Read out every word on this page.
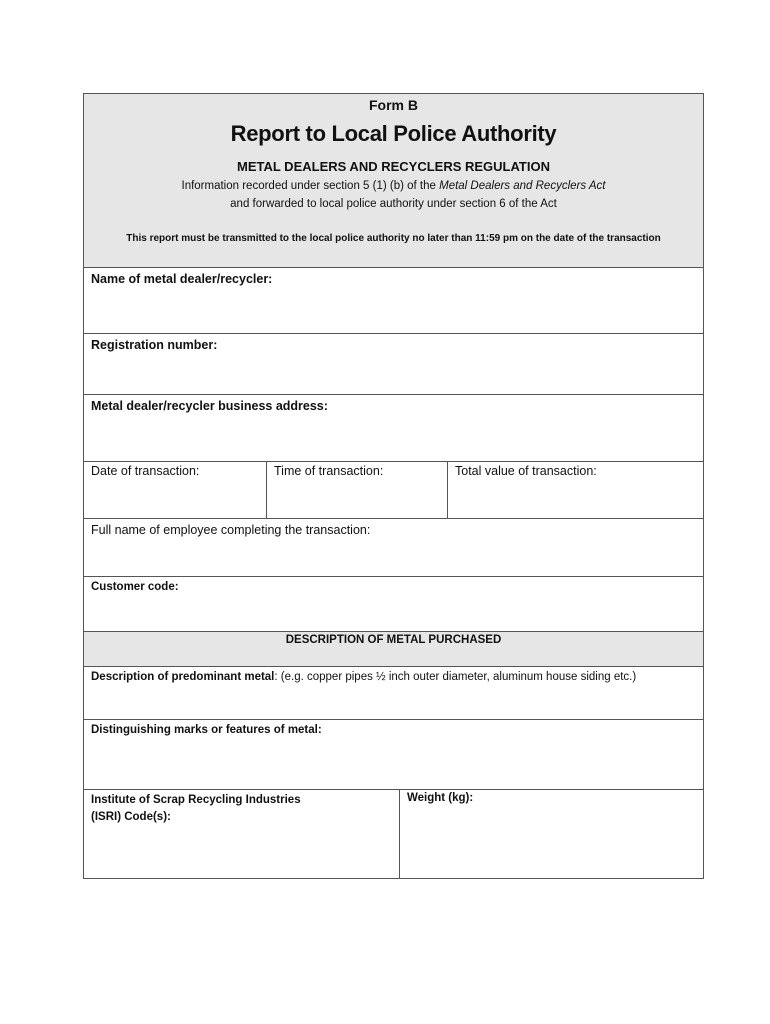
Form B
Report to Local Police Authority
METAL DEALERS AND RECYCLERS REGULATION
Information recorded under section 5 (1) (b) of the Metal Dealers and Recyclers Act
and forwarded to local police authority under section 6 of the Act
This report must be transmitted to the local police authority no later than 11:59 pm on the date of the transaction
Name of metal dealer/recycler:
Registration number:
Metal dealer/recycler business address:
Date of transaction:	Time of transaction:	Total value of transaction:
Full name of employee completing the transaction:
Customer code:
DESCRIPTION OF METAL PURCHASED
Description of predominant metal: (e.g. copper pipes ½ inch outer diameter, aluminum house siding etc.)
Distinguishing marks or features of metal:
Institute of Scrap Recycling Industries
(ISRI) Code(s):
Weight (kg):
